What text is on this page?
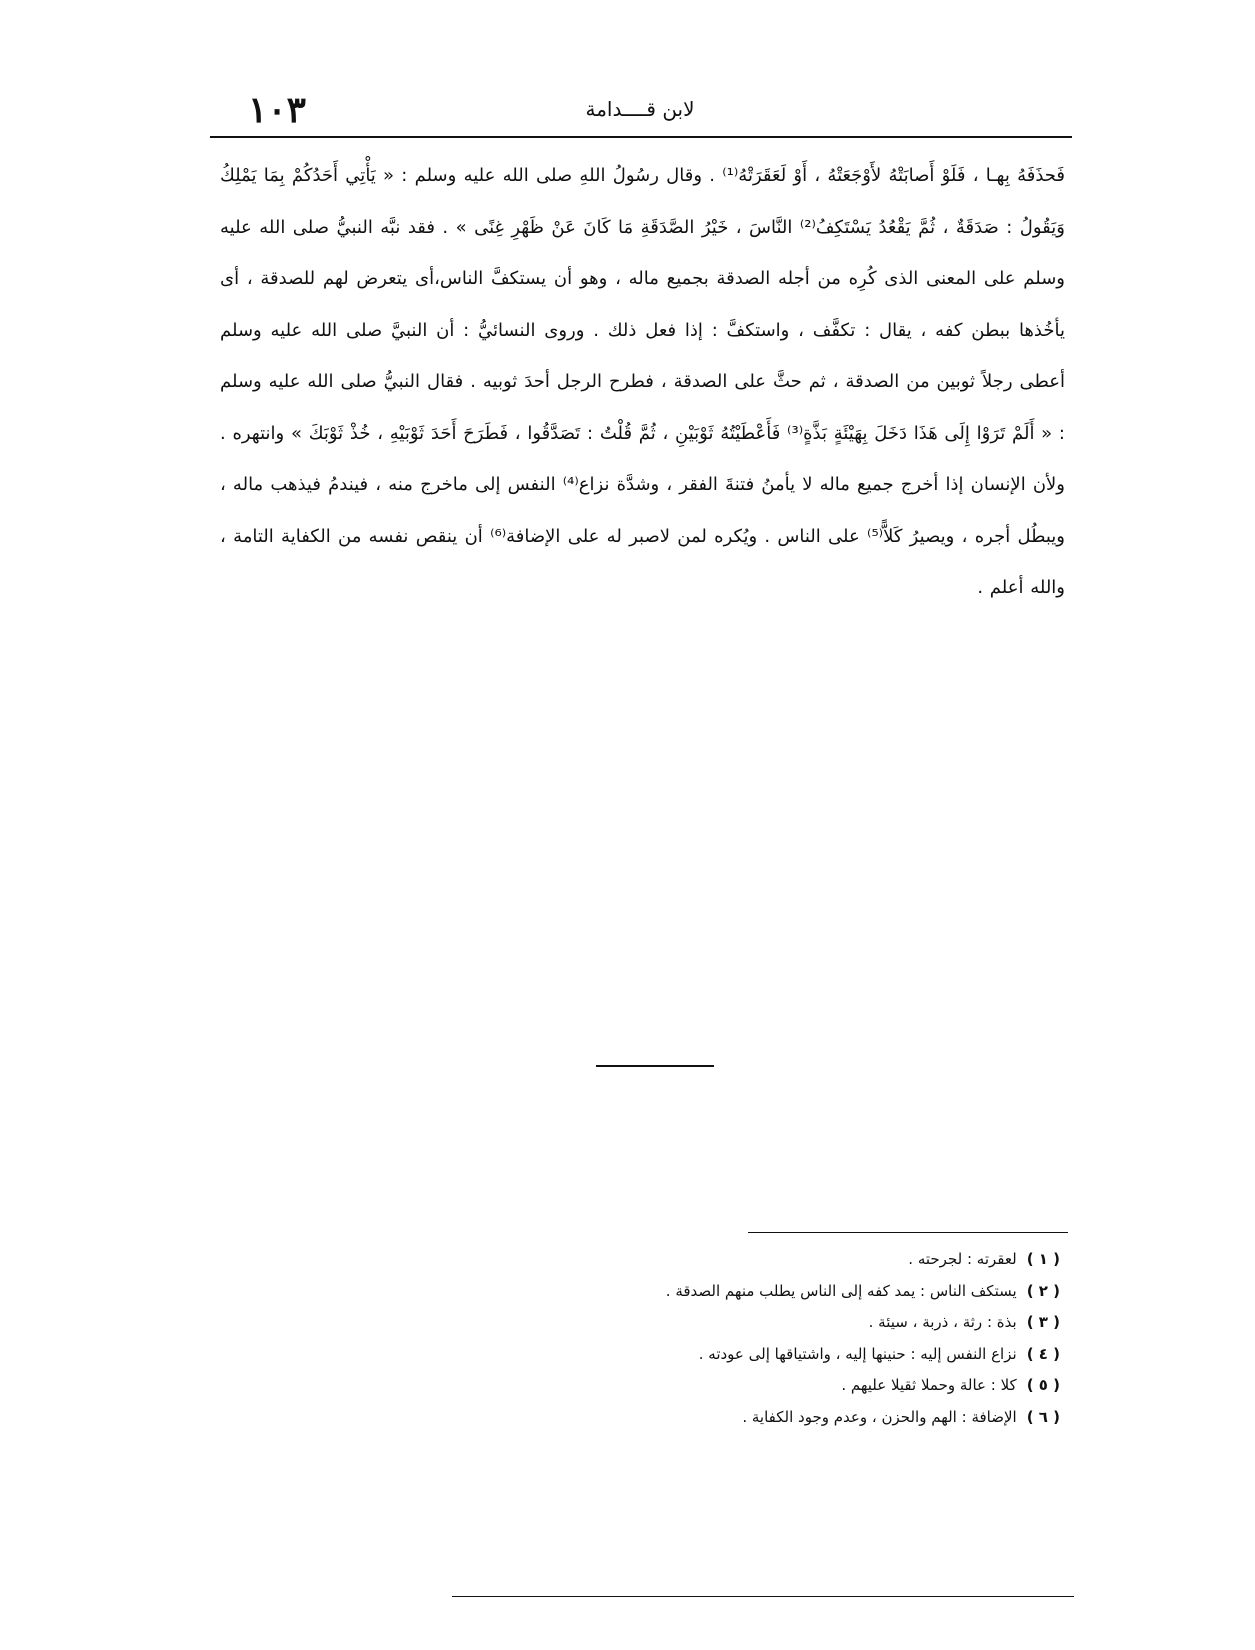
١٠٣	لابن قــــدامة

فَحذَفَهُ بِهـا ، فَلَوْ أَصابَتْهُ لأَوْجَعَتْهُ ، أَوْ لَعَقَرَتْهُ⁽¹⁾ . وقال رسُولُ اللهِ صلى الله عليه وسلم : « يَأْتِي أَحَدُكُمْ بِمَا يَمْلِكُ وَيَقُولُ : صَدَقَةٌ ، ثُمَّ يَقْعُدُ يَسْتَكِفُ⁽²⁾ النَّاسَ ، خَيْرُ الصَّدَقَةِ مَا كَانَ عَنْ ظَهْرِ غِنًى » . فقد نبَّه النبيُّ صلى الله عليه وسلم على المعنى الذى كُرِه من أجله الصدقة بجميع ماله ، وهو أن يستكفَّ الناس،أى يتعرض لهم للصدقة ، أى يأخُذها ببطن كفه ، يقال : تكفَّف ، واستكفَّ : إذا فعل ذلك . وروى النسائيُّ : أن النبيَّ صلى الله عليه وسلم أعطى رجلاً ثوبين من الصدقة ، ثم حثَّ على الصدقة ، فطرح الرجل أحدَ ثوبيه . فقال النبيُّ صلى الله عليه وسلم : « أَلَمْ تَرَوْا إِلَى هَذَا دَخَلَ بِهَيْئَةٍ بَذَّةٍ⁽³⁾ فَأَعْطَيْتُهُ ثَوْبَيْنِ ، ثُمَّ قُلْتُ : تَصَدَّقُوا ، فَطَرَحَ أَحَدَ ثَوْبَيْهِ ، خُذْ ثَوْبَكَ » وانتهره . ولأن الإنسان إذا أخرج جميع ماله لا يأمنُ فتنةَ الفقر ، وشدَّة نزاع⁽⁴⁾ النفس إلى ماخرج منه ، فيندمُ فيذهب ماله ، ويبطُل أجره ، ويصيرُ كَلاًّ⁽⁵⁾ على الناس . ويُكره لمن لاصبر له على الإضافة⁽⁶⁾ أن ينقص نفسه من الكفاية التامة ، والله أعلم .

( ١ )
لعقرته : لجرحته .
( ٢ )
يستكف الناس : يمد كفه إلى الناس يطلب منهم الصدقة .
( ٣ )
بذة : رثة ، ذربة ، سيئة .
( ٤ )
نزاع النفس إليه : حنينها إليه ، واشتياقها إلى عودته .
( ٥ )
كلا : عالة وحملا ثقيلا عليهم .
( ٦ )
الإضافة : الهم والحزن ، وعدم وجود الكفاية .
